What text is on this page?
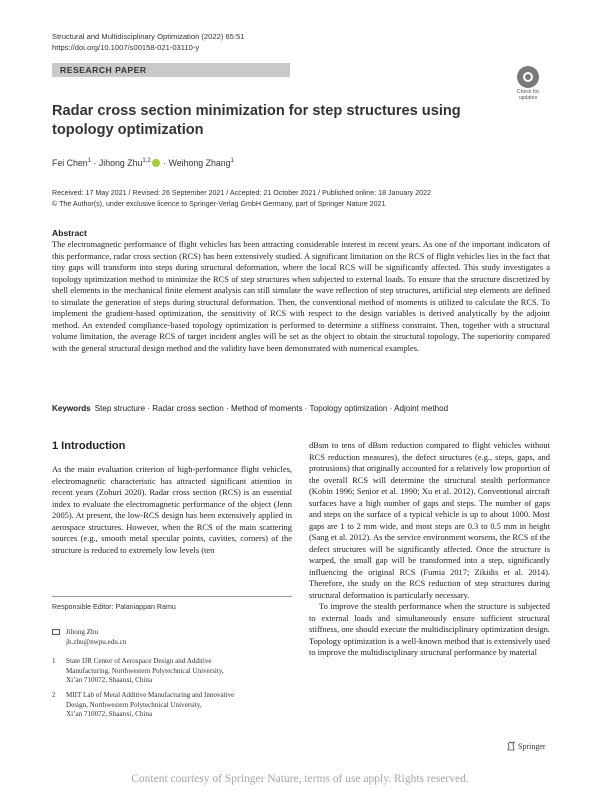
Structural and Multidisciplinary Optimization (2022) 65:51
https://doi.org/10.1007/s00158-021-03110-y
RESEARCH PAPER
Check for
updates
Radar cross section minimization for step structures using topology optimization
Fei Chen$^1$ · Jihong Zhu$^{1,2}$ · Weihong Zhang$^1$
Received: 17 May 2021 / Revised: 26 September 2021 / Accepted: 21 October 2021 / Published online: 18 January 2022
© The Author(s), under exclusive licence to Springer-Verlag GmbH Germany, part of Springer Nature 2021
Abstract

The electromagnetic performance of flight vehicles has been attracting considerable interest in recent years. As one of the important indicators of this performance, radar cross section (RCS) has been extensively studied. A significant limitation on the RCS of flight vehicles lies in the fact that tiny gaps will transform into steps during structural deformation, where the local RCS will be significantly affected. This study investigates a topology optimization method to minimize the RCS of step structures when subjected to external loads. To ensure that the structure discretized by shell elements in the mechanical finite element analysis can still simulate the wave reflection of step structures, artificial step elements are defined to simulate the generation of steps during structural deformation. Then, the conventional method of moments is utilized to calculate the RCS. To implement the gradient-based optimization, the sensitivity of RCS with respect to the design variables is derived analytically by the adjoint method. An extended compliance-based topology optimization is performed to determine a stiffness constraint. Then, together with a structural volume limitation, the average RCS of target incident angles will be set as the object to obtain the structural topology. The superiority compared with the general structural design method and the validity have been demonstrated with numerical examples.

Keywords Step structure · Radar cross section · Method of moments · Topology optimization · Adjoint method
1 Introduction

As the main evaluation criterion of high-performance flight vehicles, electromagnetic characteristic has attracted significant attention in recent years (Zohuri 2020). Radar cross section (RCS) is an essential index to evaluate the electromagnetic performance of the object (Jenn 2005). At present, the low-RCS design has been extensively applied in aerospace structures. However, when the RCS of the main scattering sources (e.g., smooth metal specular points, cavities, corners) of the structure is reduced to extremely low levels (ten

dBsm to tens of dBsm reduction compared to flight vehicles without RCS reduction measures), the defect structures (e.g., steps, gaps, and protrusions) that originally accounted for a relatively low proportion of the overall RCS will determine the structural stealth performance (Kobin 1996; Senior et al. 1990; Xu et al. 2012). Conventional aircraft surfaces have a high number of gaps and steps. The number of gaps and steps on the surface of a typical vehicle is up to about 1000. Most gaps are 1 to 2 mm wide, and most steps are 0.3 to 0.5 mm in height (Sang et al. 2012). As the service environment worsens, the RCS of the defect structures will be significantly affected. Once the structure is warped, the small gap will be transformed into a step, significantly influencing the original RCS (Fumia 2017; Zikidis et al. 2014). Therefore, the study on the RCS reduction of step structures during structural deformation is particularly necessary.

To improve the stealth performance when the structure is subjected to external loads and simultaneously ensure sufficient structural stiffness, one should execute the multidisciplinary optimization design. Topology optimization is a well-known method that is extensively used to improve the multidisciplinary structural performance by material

Responsible Editor: Palaniappan Ramu
Jihong Zhu
jh.zhu@nwpu.edu.cn
1 State IJR Center of Aerospace Design and Additive
Manufacturing, Northwestern Polytechnical University,
Xi’an 710072, Shaanxi, China
2 MIIT Lab of Metal Additive Manufacturing and Innovative
Design, Northwestern Polytechnical University,
Xi’an 710072, Shaanxi, China
Springer
Content courtesy of Springer Nature, terms of use apply. Rights reserved.
